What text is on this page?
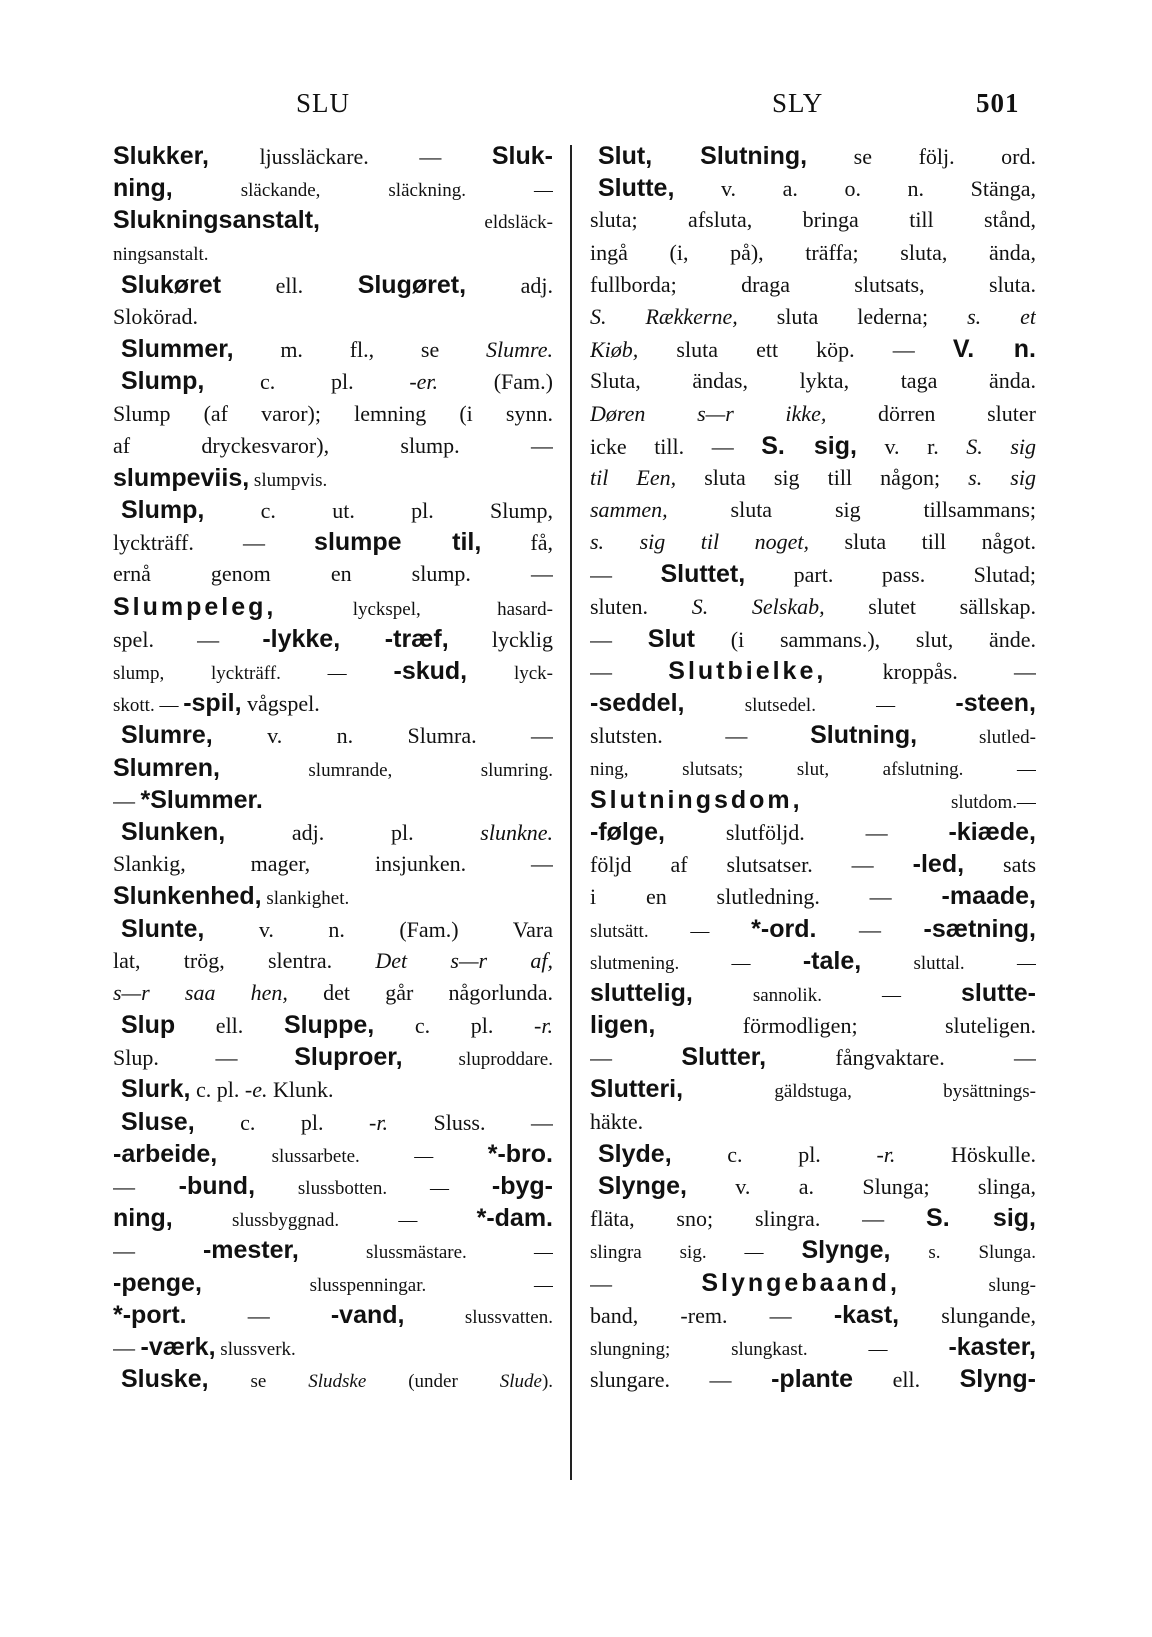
SLU	SLY	501
Slukker, ljussläckare. — Sluk-
ning, släckande, släckning. —
Slukningsanstalt, eldsläck-
ningsanstalt.
Slukøret ell. Slugøret, adj.
Slokörad.
Slummer, m. fl., se Slumre.
Slump, c. pl. -er. (Fam.)
Slump (af varor); lemning (i synn.
af dryckesvaror), slump. —
slumpeviis, slumpvis.
Slump, c. ut. pl. Slump,
lyckträff. — slumpe til, få,
ernå genom en slump. —
Slumpeleg, lyckspel, hasard-
spel. — -lykke, -træf, lycklig
slump, lyckträff. — -skud, lyck-
skott. — -spil, vågspel.
Slumre, v. n. Slumra. —
Slumren, slumrande, slumring.
— *Slummer.
Slunken, adj. pl. slunkne.
Slankig, mager, insjunken. —
Slunkenhed, slankighet.
Slunte, v. n. (Fam.) Vara
lat, trög, slentra. Det s—r af,
s—r saa hen, det går någorlunda.
Slup ell. Sluppe, c. pl. -r.
Slup. — Sluproer, sluproddare.
Slurk, c. pl. -e. Klunk.
Sluse, c. pl. -r. Sluss. —
-arbeide, slussarbete. — *-bro.
— -bund, slussbotten. — -byg-
ning, slussbyggnad. — *-dam.
— -mester, slussmästare. —
-penge, slusspenningar. —
*-port. — -vand, slussvatten.
— -værk, slussverk.
Sluske, se Sludske (under Slude).
Slut, Slutning, se följ. ord.
Slutte, v. a. o. n. Stänga,
sluta; afsluta, bringa till stånd,
ingå (i, på), träffa; sluta, ända,
fullborda; draga slutsats, sluta.
S. Rækkerne, sluta lederna; s. et
Kiøb, sluta ett köp. — V. n.
Sluta, ändas, lykta, taga ända.
Døren s—r ikke, dörren sluter
icke till. — S. sig, v. r. S. sig
til Een, sluta sig till någon; s. sig
sammen, sluta sig tillsammans;
s. sig til noget, sluta till något.
— Sluttet, part. pass. Slutad;
sluten. S. Selskab, slutet sällskap.
— Slut (i sammans.), slut, ände.
— Slutbielke, kroppås. —
-seddel, slutsedel. — -steen,
slutsten. — Slutning, slutled-
ning, slutsats; slut, afslutning. —
Slutningsdom, slutdom.—
-følge, slutföljd. — -kiæde,
följd af slutsatser. — -led, sats
i en slutledning. — -maade,
slutsätt. — *-ord. — -sætning,
slutmening. — -tale, sluttal. —
sluttelig, sannolik. — slutte-
ligen, förmodligen; sluteligen.
— Slutter, fångvaktare. —
Slutteri, gäldstuga, bysättnings-
häkte.
Slyde, c. pl. -r. Höskulle.
Slynge, v. a. Slunga; slinga,
fläta, sno; slingra. — S. sig,
slingra sig. — Slynge, s. Slunga.
— Slyngebaand, slung-
band, -rem. — -kast, slungande,
slungning; slungkast. — -kaster,
slungare. — -plante ell. Slyng-
